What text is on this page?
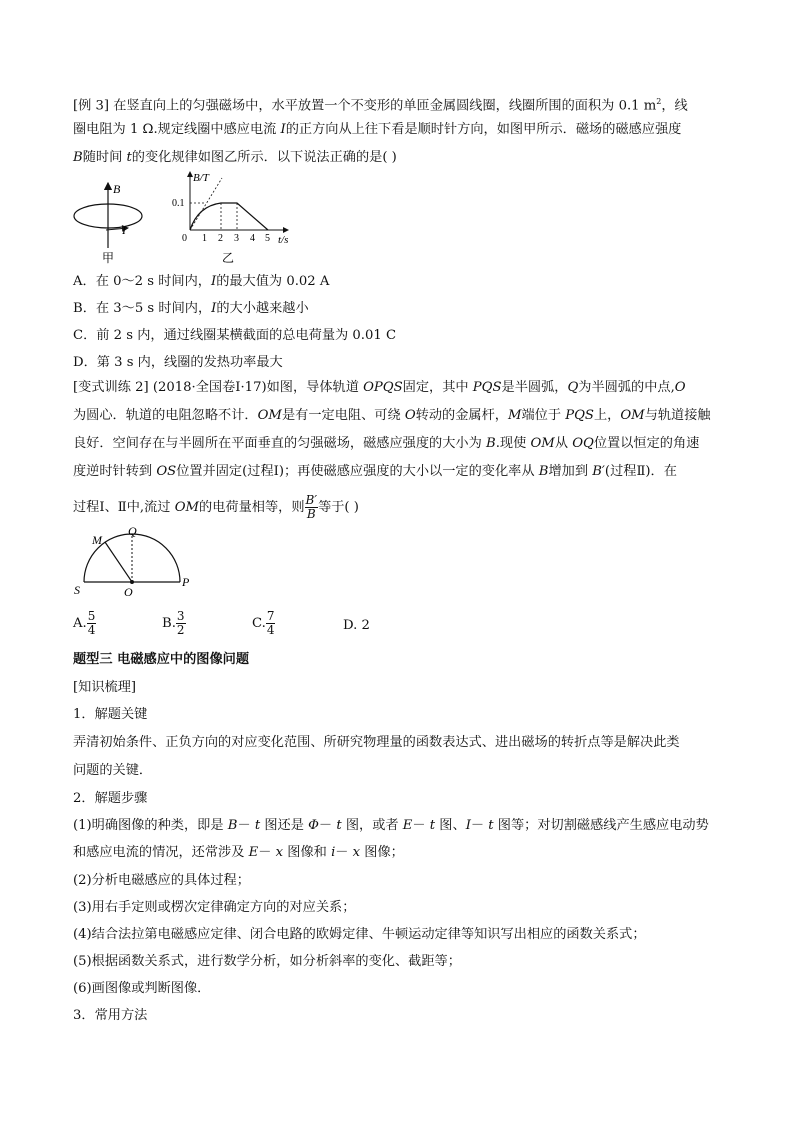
[例 3] 在竖直向上的匀强磁场中，水平放置一个不变形的单匝金属圆线圈，线圈所围的面积为 0.1 $m^2$，线
圈电阻为 1 Ω.规定线圈中感应电流 I的正方向从上往下看是顺时针方向，如图甲所示．磁场的磁感应强度
B随时间 t的变化规律如图乙所示．以下说法正确的是( )
B
I
甲
B/T
t/s
0.1
0 1 2 3 4 5
乙
A．在 0～2 s 时间内，I的最大值为 0.02 A
B．在 3～5 s 时间内，I的大小越来越小
C．前 2 s 内，通过线圈某横截面的总电荷量为 0.01 C
D．第 3 s 内，线圈的发热功率最大
[变式训练 2] (2018·全国卷Ⅰ·17)如图，导体轨道 OPQS固定，其中 PQS是半圆弧，Q为半圆弧的中点,O
为圆心．轨道的电阻忽略不计．OM是有一定电阻、可绕 O转动的金属杆，M端位于 PQS上，OM与轨道接触
良好．空间存在与半圆所在平面垂直的匀强磁场，磁感应强度的大小为 B.现使 OM从 OQ位置以恒定的角速
度逆时针转到 OS位置并固定(过程Ⅰ)；再使磁感应强度的大小以一定的变化率从 B增加到 B′(过程Ⅱ)．在
过程Ⅰ、Ⅱ中,流过 OM的电荷量相等，则 $\frac{B'}{B}$ 等于( )
M
Q
S	O
P
A. $\frac{5}{4}$	B. $\frac{3}{2}$	C. $\frac{7}{4}$	D. 2
题型三 电磁感应中的图像问题
[知识梳理]
1．解题关键
弄清初始条件、正负方向的对应变化范围、所研究物理量的函数表达式、进出磁场的转折点等是解决此类
问题的关键．
2．解题步骤
(1)明确图像的种类，即是 B－ t 图还是 Φ－ t 图，或者 E－ t 图、I－ t 图等；对切割磁感线产生感应电动势
和感应电流的情况，还常涉及 E－ x 图像和 i－ x 图像；
(2)分析电磁感应的具体过程；
(3)用右手定则或楞次定律确定方向的对应关系；
(4)结合法拉第电磁感应定律、闭合电路的欧姆定律、牛顿运动定律等知识写出相应的函数关系式；
(5)根据函数关系式，进行数学分析，如分析斜率的变化、截距等；
(6)画图像或判断图像．
3．常用方法
